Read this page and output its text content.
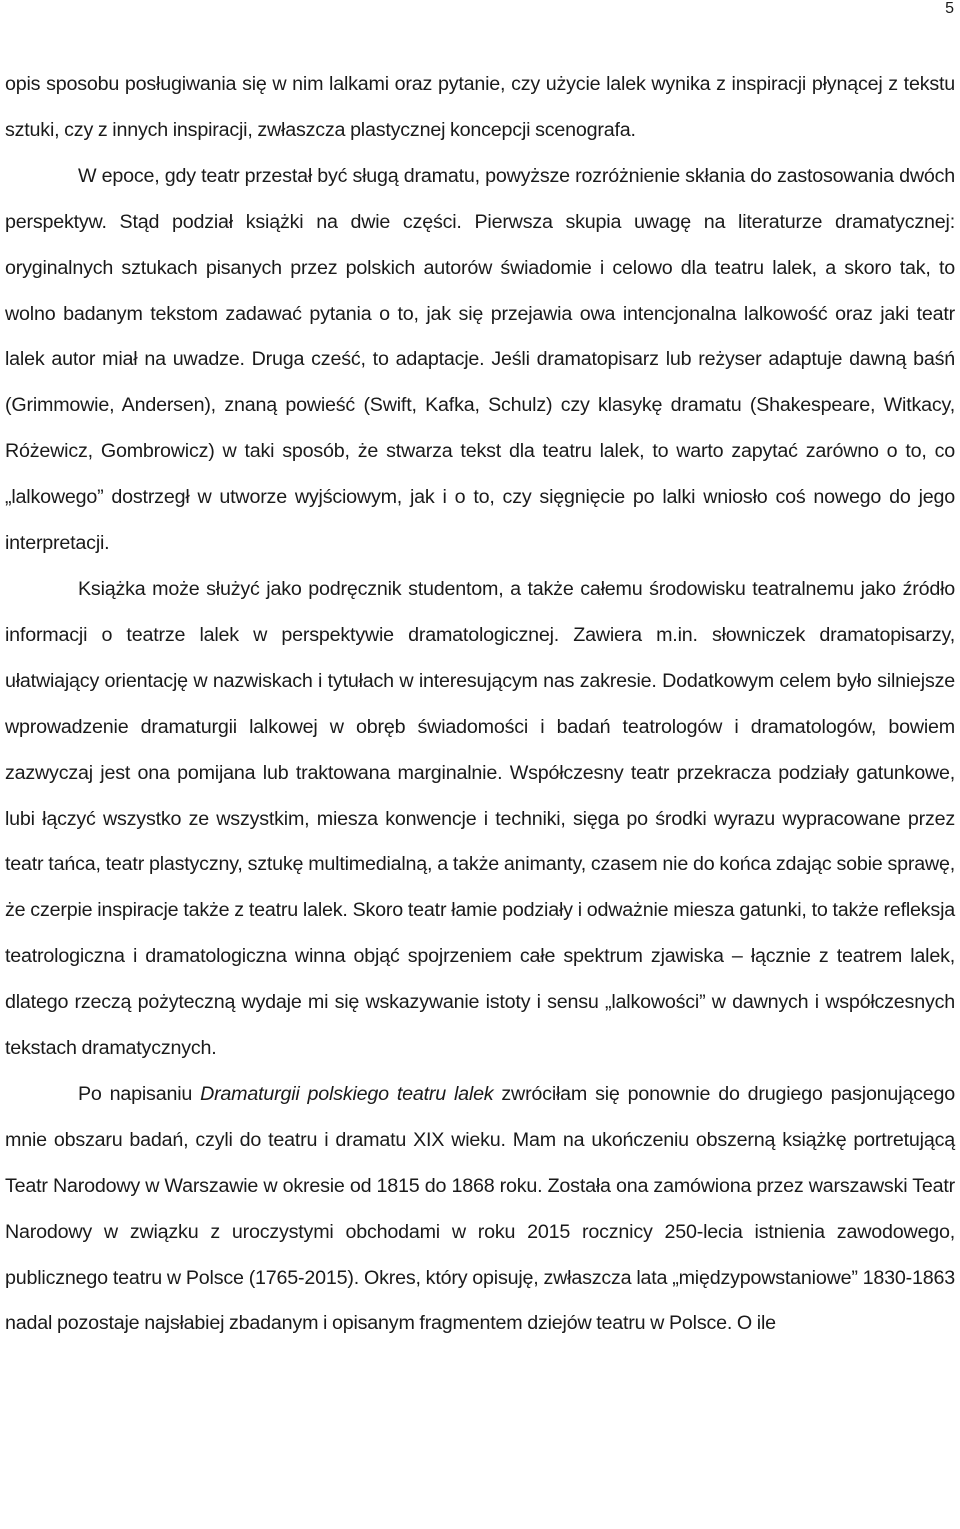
5

opis sposobu posługiwania się w nim lalkami oraz pytanie, czy użycie lalek wynika z inspiracji płynącej z tekstu sztuki, czy z innych inspiracji, zwłaszcza plastycznej koncepcji scenografa.

W epoce, gdy teatr przestał być sługą dramatu, powyższe rozróżnienie skłania do zastosowania dwóch perspektyw. Stąd podział książki na dwie części. Pierwsza skupia uwagę na literaturze dramatycznej: oryginalnych sztukach pisanych przez polskich autorów świadomie i celowo dla teatru lalek, a skoro tak, to wolno badanym tekstom zadawać pytania o to, jak się przejawia owa intencjonalna lalkowość oraz jaki teatr lalek autor miał na uwadze. Druga cześć, to adaptacje. Jeśli dramatopisarz lub reżyser adaptuje dawną baśń (Grimmowie, Andersen), znaną powieść (Swift, Kafka, Schulz) czy klasykę dramatu (Shakespeare, Witkacy, Różewicz, Gombrowicz) w taki sposób, że stwarza tekst dla teatru lalek, to warto zapytać zarówno o to, co „lalkowego” dostrzegł w utworze wyjściowym, jak i o to, czy sięgnięcie po lalki wniosło coś nowego do jego interpretacji.

Książka może służyć jako podręcznik studentom, a także całemu środowisku teatralnemu jako źródło informacji o teatrze lalek w perspektywie dramatologicznej. Zawiera m.in. słowniczek dramatopisarzy, ułatwiający orientację w nazwiskach i tytułach w interesującym nas zakresie. Dodatkowym celem było silniejsze wprowadzenie dramaturgii lalkowej w obręb świadomości i badań teatrologów i dramatologów, bowiem zazwyczaj jest ona pomijana lub traktowana marginalnie. Współczesny teatr przekracza podziały gatunkowe, lubi łączyć wszystko ze wszystkim, miesza konwencje i techniki, sięga po środki wyrazu wypracowane przez teatr tańca, teatr plastyczny, sztukę multimedialną, a także animanty, czasem nie do końca zdając sobie sprawę, że czerpie inspiracje także z teatru lalek. Skoro teatr łamie podziały i odważnie miesza gatunki, to także refleksja teatrologiczna i dramatologiczna winna objąć spojrzeniem całe spektrum zjawiska – łącznie z teatrem lalek, dlatego rzeczą pożyteczną wydaje mi się wskazywanie istoty i sensu „lalkowości” w dawnych i współczesnych tekstach dramatycznych.

Po napisaniu Dramaturgii polskiego teatru lalek zwróciłam się ponownie do drugiego pasjonującego mnie obszaru badań, czyli do teatru i dramatu XIX wieku. Mam na ukończeniu obszerną książkę portretującą Teatr Narodowy w Warszawie w okresie od 1815 do 1868 roku. Została ona zamówiona przez warszawski Teatr Narodowy w związku z uroczystymi obchodami w roku 2015 rocznicy 250-lecia istnienia zawodowego, publicznego teatru w Polsce (1765-2015). Okres, który opisuję, zwłaszcza lata „międzypowstaniowe” 1830-1863 nadal pozostaje najsłabiej zbadanym i opisanym fragmentem dziejów teatru w Polsce. O ile
